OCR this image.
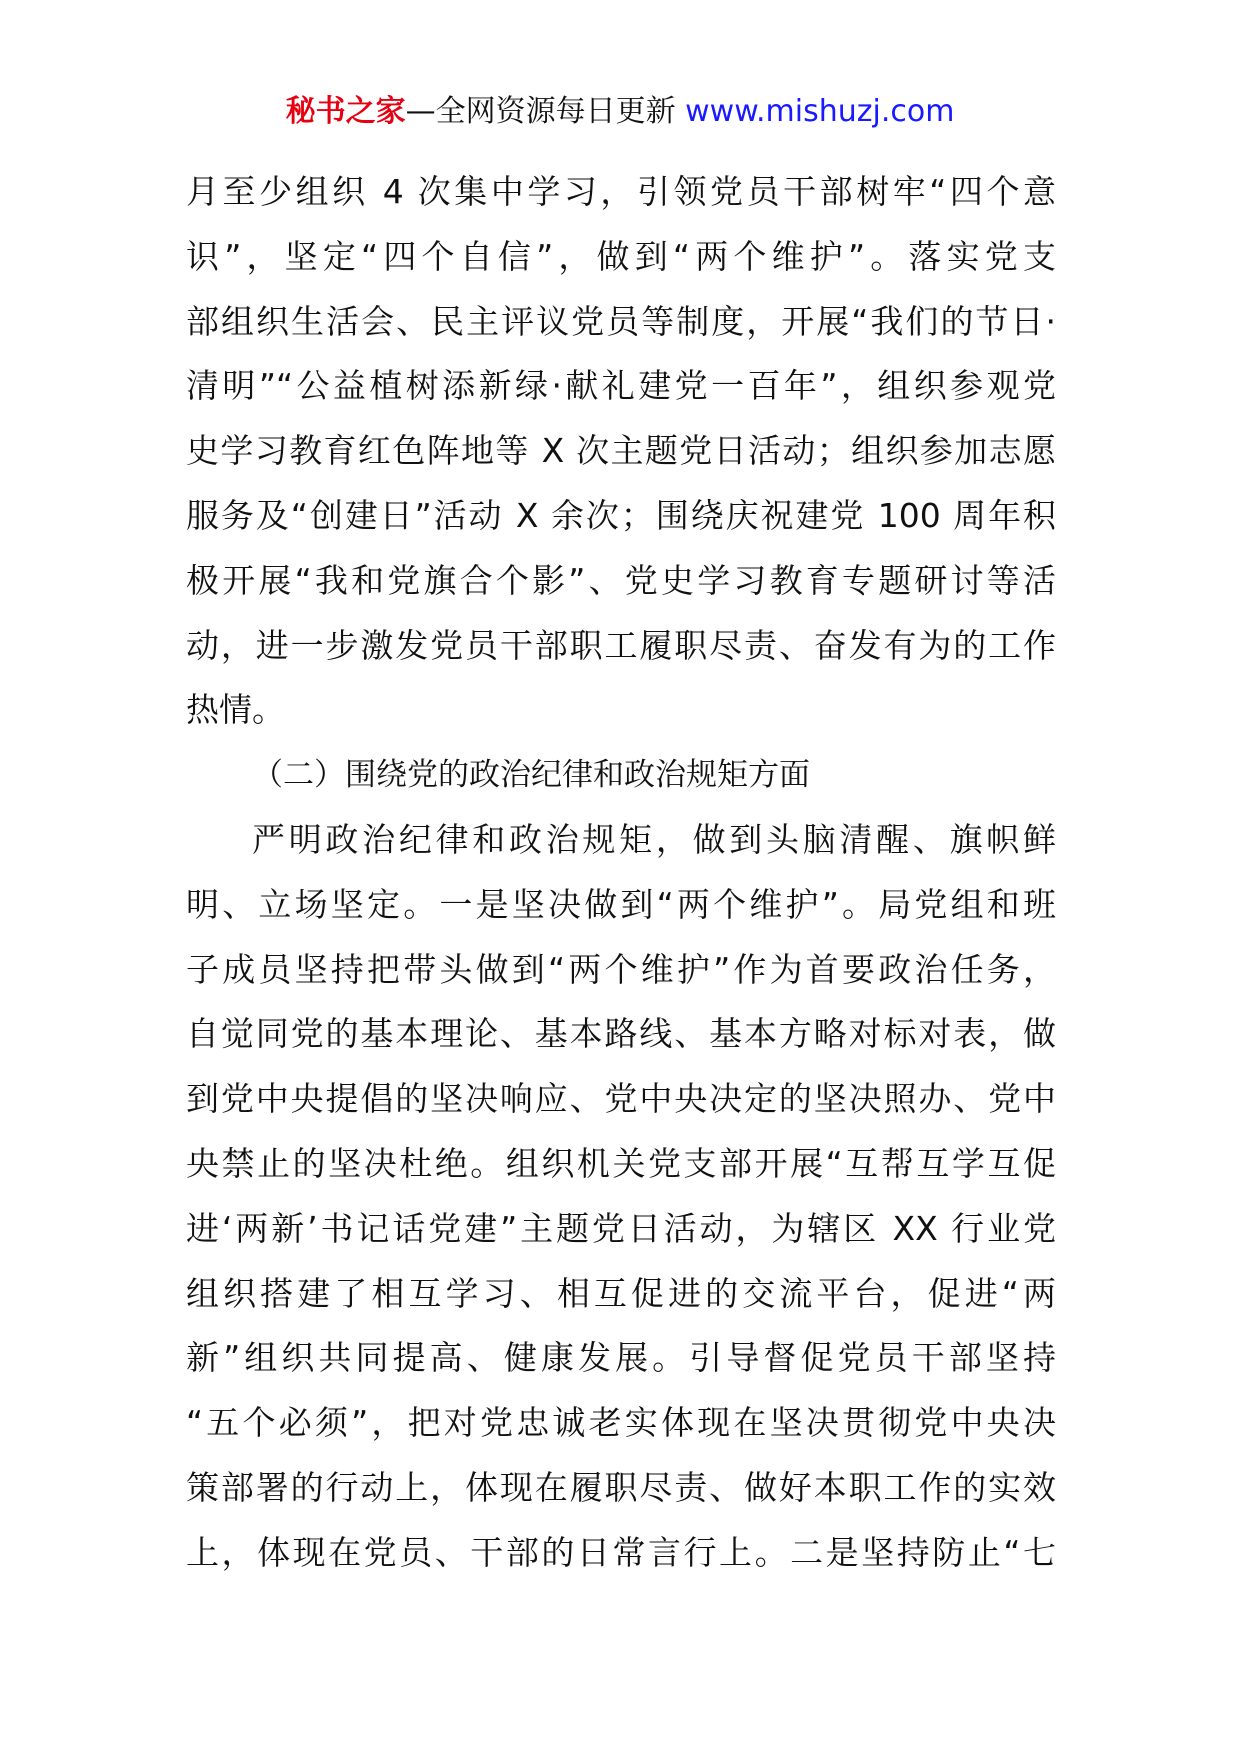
秘书之家—全网资源每日更新 www.mishuzj.com
月至少组织 4 次集中学习，引领党员干部树牢“四个意
识”，坚定“四个自信”，做到“两个维护”。落实党支
部组织生活会、民主评议党员等制度，开展“我们的节日·
清明”“公益植树添新绿·献礼建党一百年”，组织参观党
史学习教育红色阵地等 X 次主题党日活动；组织参加志愿
服务及“创建日”活动 X 余次；围绕庆祝建党 100 周年积
极开展“我和党旗合个影”、党史学习教育专题研讨等活
动，进一步激发党员干部职工履职尽责、奋发有为的工作
热情。
（二）围绕党的政治纪律和政治规矩方面
严明政治纪律和政治规矩，做到头脑清醒、旗帜鲜
明、立场坚定。一是坚决做到“两个维护”。局党组和班
子成员坚持把带头做到“两个维护”作为首要政治任务，
自觉同党的基本理论、基本路线、基本方略对标对表，做
到党中央提倡的坚决响应、党中央决定的坚决照办、党中
央禁止的坚决杜绝。组织机关党支部开展“互帮互学互促
进‘两新’书记话党建”主题党日活动，为辖区 XX 行业党
组织搭建了相互学习、相互促进的交流平台，促进“两
新”组织共同提高、健康发展。引导督促党员干部坚持
“五个必须”，把对党忠诚老实体现在坚决贯彻党中央决
策部署的行动上，体现在履职尽责、做好本职工作的实效
上，体现在党员、干部的日常言行上。二是坚持防止“七
